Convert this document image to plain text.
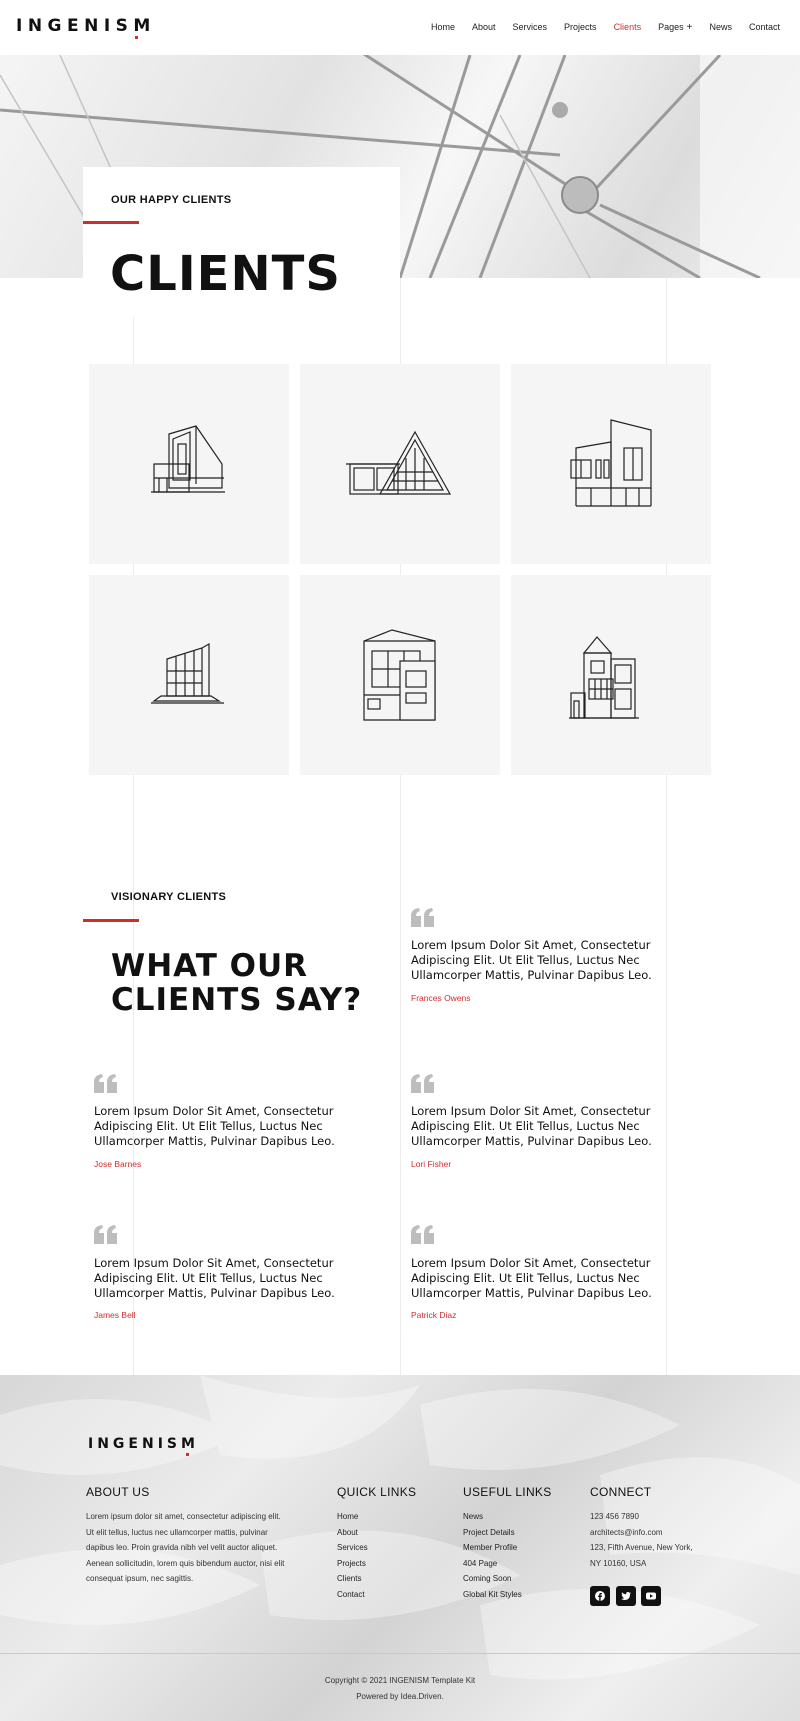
INGENISM	Home About Services Projects Clients Pages + News Contact
OUR HAPPY CLIENTS
CLIENTS
VISIONARY CLIENTS
WHAT OUR
CLIENTS SAY?
Lorem Ipsum Dolor Sit Amet, Consectetur Adipiscing Elit. Ut Elit Tellus, Luctus Nec Ullamcorper Mattis, Pulvinar Dapibus Leo.
Frances Owens
Lorem Ipsum Dolor Sit Amet, Consectetur Adipiscing Elit. Ut Elit Tellus, Luctus Nec Ullamcorper Mattis, Pulvinar Dapibus Leo.
Jose Barnes
Lorem Ipsum Dolor Sit Amet, Consectetur Adipiscing Elit. Ut Elit Tellus, Luctus Nec Ullamcorper Mattis, Pulvinar Dapibus Leo.
Lori Fisher
Lorem Ipsum Dolor Sit Amet, Consectetur Adipiscing Elit. Ut Elit Tellus, Luctus Nec Ullamcorper Mattis, Pulvinar Dapibus Leo.
James Bell
Lorem Ipsum Dolor Sit Amet, Consectetur Adipiscing Elit. Ut Elit Tellus, Luctus Nec Ullamcorper Mattis, Pulvinar Dapibus Leo.
Patrick Diaz
INGENISM
ABOUT US
Lorem ipsum dolor sit amet, consectetur adipiscing elit.
Ut elit tellus, luctus nec ullamcorper mattis, pulvinar
dapibus leo. Proin gravida nibh vel velit auctor aliquet.
Aenean sollicitudin, lorem quis bibendum auctor, nisi elit
consequat ipsum, nec sagittis.
QUICK LINKS
Home
About
Services
Projects
Clients
Contact
USEFUL LINKS
News
Project Details
Member Profile
404 Page
Coming Soon
Global Kit Styles
CONNECT
123 456 7890
architects@info.com
123, Fifth Avenue, New York,
NY 10160, USA
Copyright © 2021 INGENISM Template Kit
Powered by Idea.Driven.
